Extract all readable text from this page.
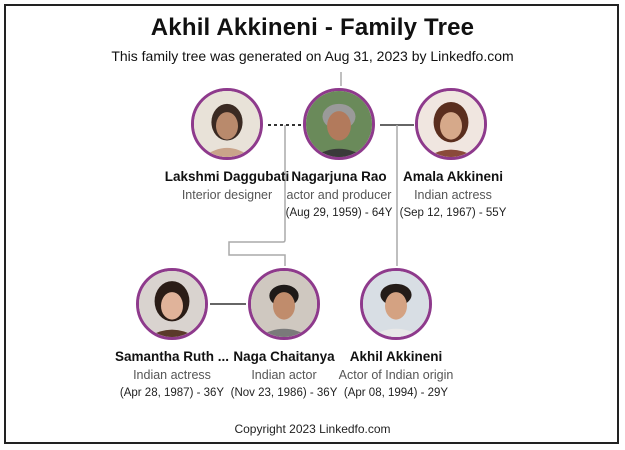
Akhil Akkineni - Family Tree
This family tree was generated on Aug 31, 2023 by Linkedfo.com
Lakshmi Daggubati
Interior designer
Nagarjuna Rao
actor and producer
(Aug 29, 1959) - 64Y
Amala Akkineni
Indian actress
(Sep 12, 1967) - 55Y
Samantha Ruth ...
Indian actress
(Apr 28, 1987) - 36Y
Naga Chaitanya
Indian actor
(Nov 23, 1986) - 36Y
Akhil Akkineni
Actor of Indian origin
(Apr 08, 1994) - 29Y
Copyright 2023 Linkedfo.com
